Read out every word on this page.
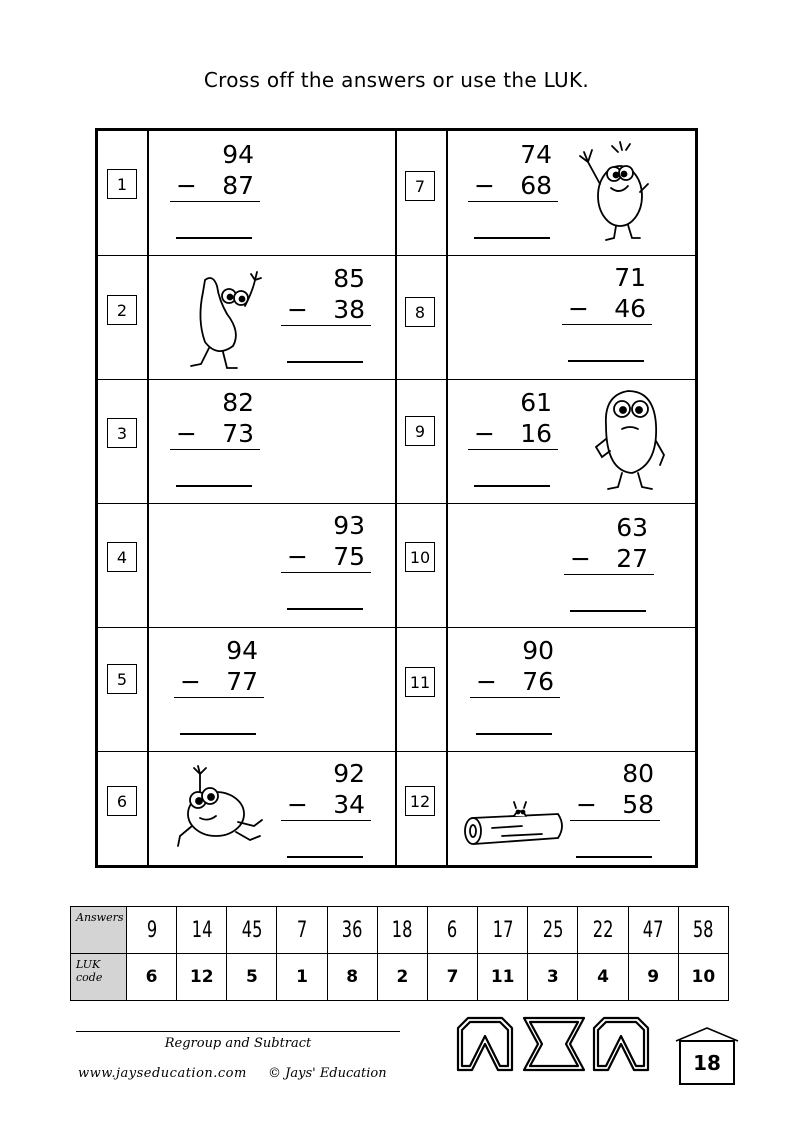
Cross off the answers or use the LUK.
1
2
3
4
5
6
7
8
9
10
11
12
94
− 87
85
− 38
82
− 73
93
− 75
94
− 77
92
− 34
74
− 68
71
− 46
61
− 16
63
− 27
90
− 76
80
− 58
Answers	9	14	45	7	36	18	6	17	25	22	47	58
LUK code	6	12	5	1	8	2	7	11	3	4	9	10
Regroup and Subtract
www.jayseducation.com © Jays' Education	18
